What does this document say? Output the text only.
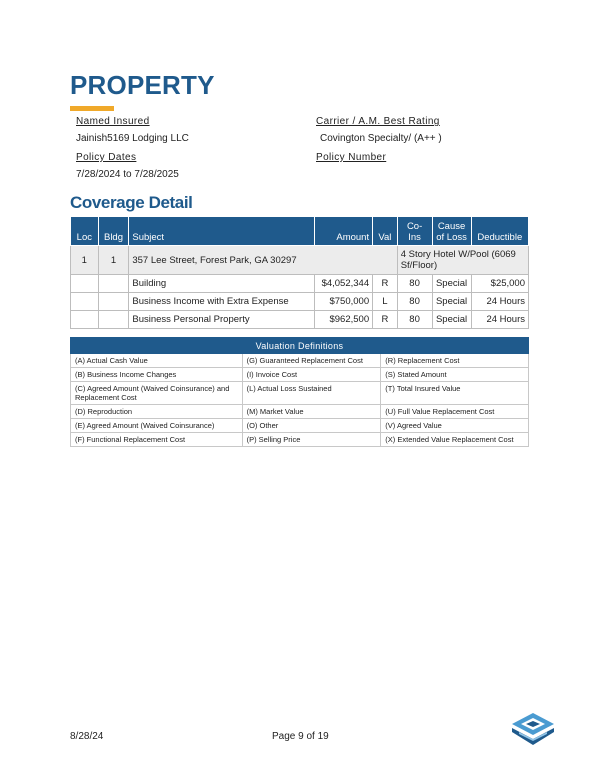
PROPERTY
Named Insured
Jainish5169 Lodging LLC
Carrier / A.M. Best Rating
Covington Specialty/ (A++ )
Policy Dates
7/28/2024 to 7/28/2025
Policy Number
Coverage Detail
Loc	Bldg	Subject	Amount	Val	Co-Ins	Cause of Loss	Deductible
1	1	357 Lee Street, Forest Park, GA 30297			4 Story Hotel W/Pool (6069 Sf/Floor)		
		Building	$4,052,344	R	80	Special	$25,000
		Business Income with Extra Expense	$750,000	L	80	Special	24 Hours
		Business Personal Property	$962,500	R	80	Special	24 Hours
Valuation Definitions		
(A) Actual Cash Value	(G) Guaranteed Replacement Cost	(R) Replacement Cost
(B) Business Income Changes	(I) Invoice Cost	(S) Stated Amount
(C) Agreed Amount (Waived Coinsurance) and Replacement Cost	(L) Actual Loss Sustained	(T) Total Insured Value
(D) Reproduction	(M) Market Value	(U) Full Value Replacement Cost
(E) Agreed Amount (Waived Coinsurance)	(O) Other	(V) Agreed Value
(F) Functional Replacement Cost	(P) Selling Price	(X) Extended Value Replacement Cost
8/28/24	Page 9 of 19
